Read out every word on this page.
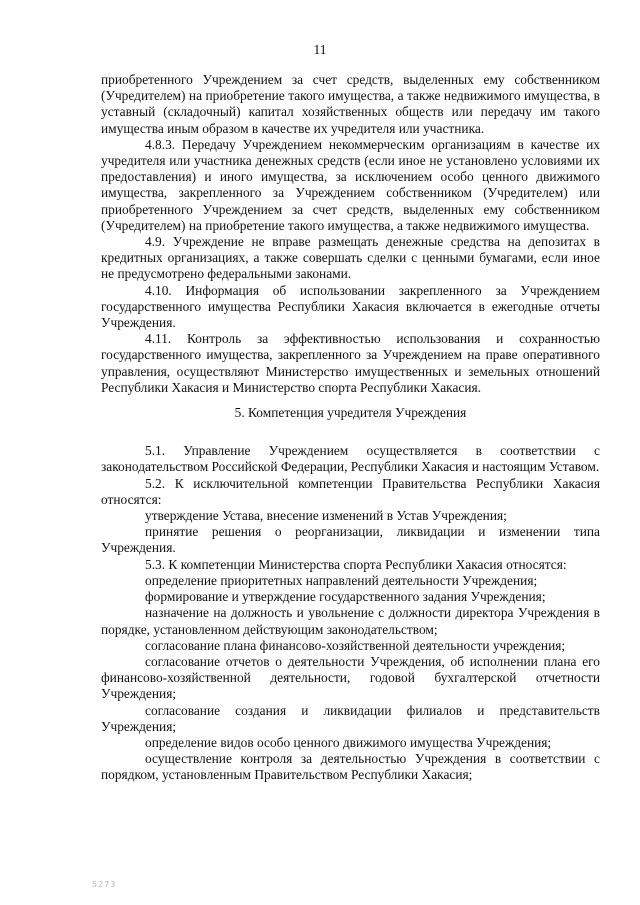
11

приобретенного Учреждением за счет средств, выделенных ему собственником (Учредителем) на приобретение такого имущества, а также недвижимого имущества, в уставный (складочный) капитал хозяйственных обществ или передачу им такого имущества иным образом в качестве их учредителя или участника.

4.8.3. Передачу Учреждением некоммерческим организациям в качестве их учредителя или участника денежных средств (если иное не установлено условиями их предоставления) и иного имущества, за исключением особо ценного движимого имущества, закрепленного за Учреждением собственником (Учредителем) или приобретенного Учреждением за счет средств, выделенных ему собственником (Учредителем) на приобретение такого имущества, а также недвижимого имущества.

4.9. Учреждение не вправе размещать денежные средства на депозитах в кредитных организациях, а также совершать сделки с ценными бумагами, если иное не предусмотрено федеральными законами.

4.10. Информация об использовании закрепленного за Учреждением государственного имущества Республики Хакасия включается в ежегодные отчеты Учреждения.

4.11. Контроль за эффективностью использования и сохранностью государственного имущества, закрепленного за Учреждением на праве оперативного управления, осуществляют Министерство имущественных и земельных отношений Республики Хакасия и Министерство спорта Республики Хакасия.

5. Компетенция учредителя Учреждения

5.1. Управление Учреждением осуществляется в соответствии с законодательством Российской Федерации, Республики Хакасия и настоящим Уставом.

5.2. К исключительной компетенции Правительства Республики Хакасия относятся:

утверждение Устава, внесение изменений в Устав Учреждения;

принятие решения о реорганизации, ликвидации и изменении типа Учреждения.

5.3. К компетенции Министерства спорта Республики Хакасия относятся:

определение приоритетных направлений деятельности Учреждения;

формирование и утверждение государственного задания Учреждения;

назначение на должность и увольнение с должности директора Учреждения в порядке, установленном действующим законодательством;

согласование плана финансово-хозяйственной деятельности учреждения;

согласование отчетов о деятельности Учреждения, об исполнении плана его финансово-хозяйственной деятельности, годовой бухгалтерской отчетности Учреждения;

согласование создания и ликвидации филиалов и представительств Учреждения;

определение видов особо ценного движимого имущества Учреждения;

осуществление контроля за деятельностью Учреждения в соответствии с порядком, установленным Правительством Республики Хакасия;

5273
